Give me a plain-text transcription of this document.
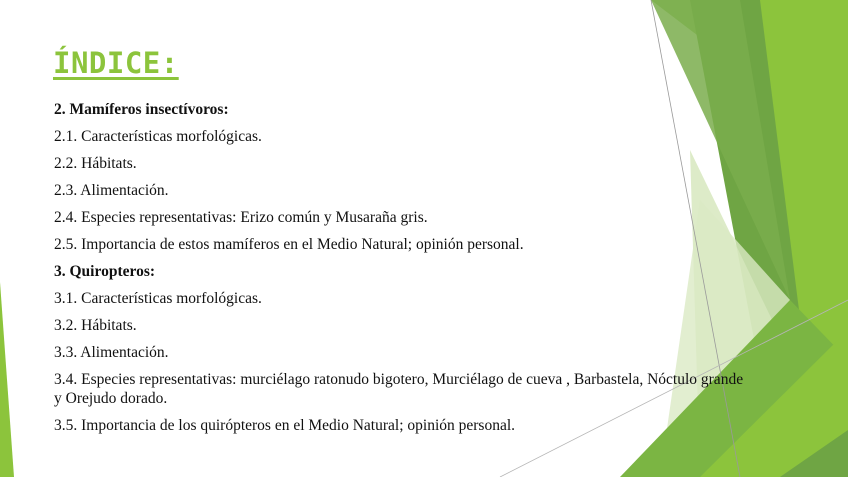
ÍNDICE:

2. Mamíferos insectívoros:

2.1. Características morfológicas.

2.2. Hábitats.

2.3. Alimentación.

2.4. Especies representativas: Erizo común y Musaraña gris.

2.5. Importancia de estos mamíferos en el Medio Natural; opinión personal.

3. Quiropteros:

3.1. Características morfológicas.

3.2. Hábitats.

3.3. Alimentación.

3.4. Especies representativas: murciélago ratonudo bigotero, Murciélago de cueva , Barbastela, Nóctulo grande y Orejudo dorado.

3.5. Importancia de los quirópteros en el Medio Natural; opinión personal.
